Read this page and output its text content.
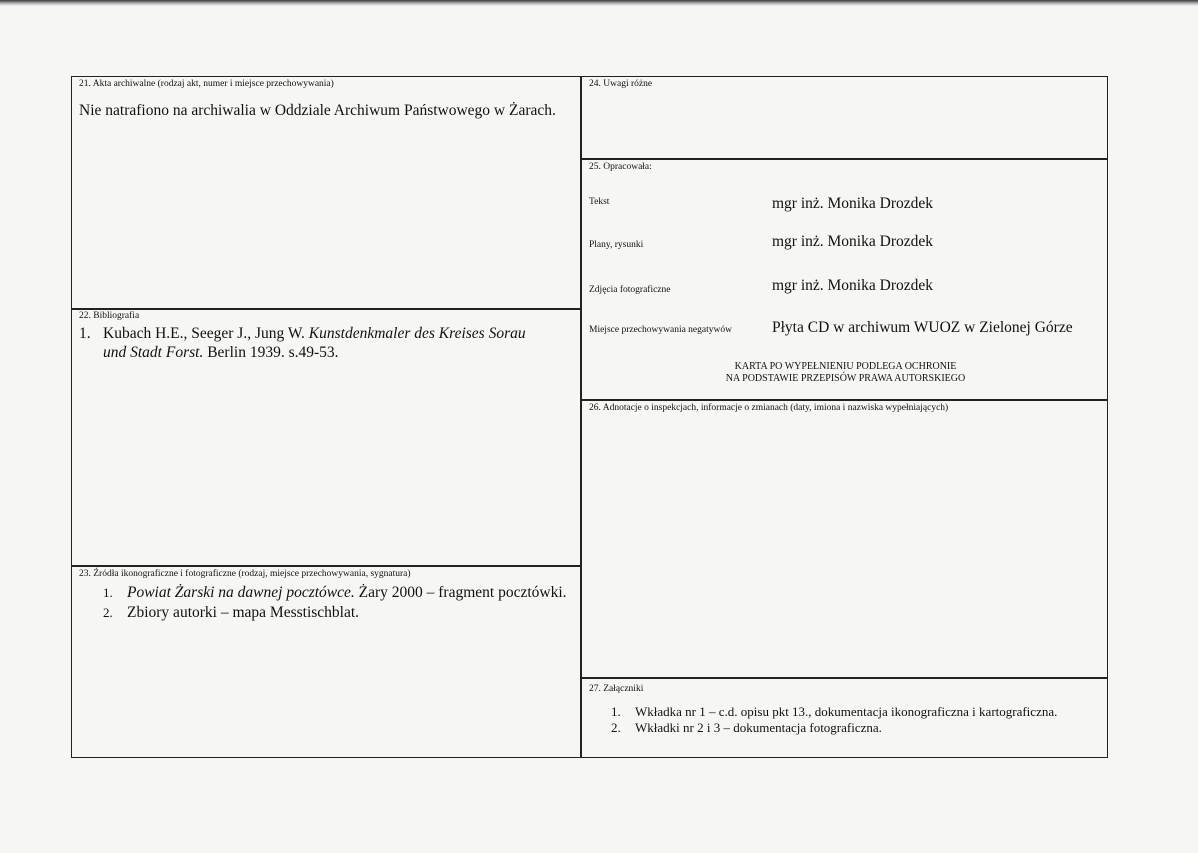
21. Akta archiwalne (rodzaj akt, numer i miejsce przechowywania)
Nie natrafiono na archiwalia w Oddziale Archiwum Państwowego w Żarach.
22. Bibliografia
1. Kubach H.E., Seeger J., Jung W. Kunstdenkmaler des Kreises Sorau
und Stadt Forst. Berlin 1939. s.49-53.
23. Źródła ikonograficzne i fotograficzne (rodzaj, miejsce przechowywania, sygnatura)
1. Powiat Żarski na dawnej pocztówce. Żary 2000 – fragment pocztówki.
2. Zbiory autorki – mapa Messtischblat.
24. Uwagi różne
25. Opracowała:
Tekst	mgr inż. Monika Drozdek
Plany, rysunki	mgr inż. Monika Drozdek
Zdjęcia fotograficzne	mgr inż. Monika Drozdek
Miejsce przechowywania negatywów	Płyta CD w archiwum WUOZ w Zielonej Górze
KARTA PO WYPEŁNIENIU PODLEGA OCHRONIE
NA PODSTAWIE PRZEPISÓW PRAWA AUTORSKIEGO
26. Adnotacje o inspekcjach, informacje o zmianach (daty, imiona i nazwiska wypełniających)
27. Załączniki
1. Wkładka nr 1 – c.d. opisu pkt 13., dokumentacja ikonograficzna i kartograficzna.
2. Wkładki nr 2 i 3 – dokumentacja fotograficzna.
